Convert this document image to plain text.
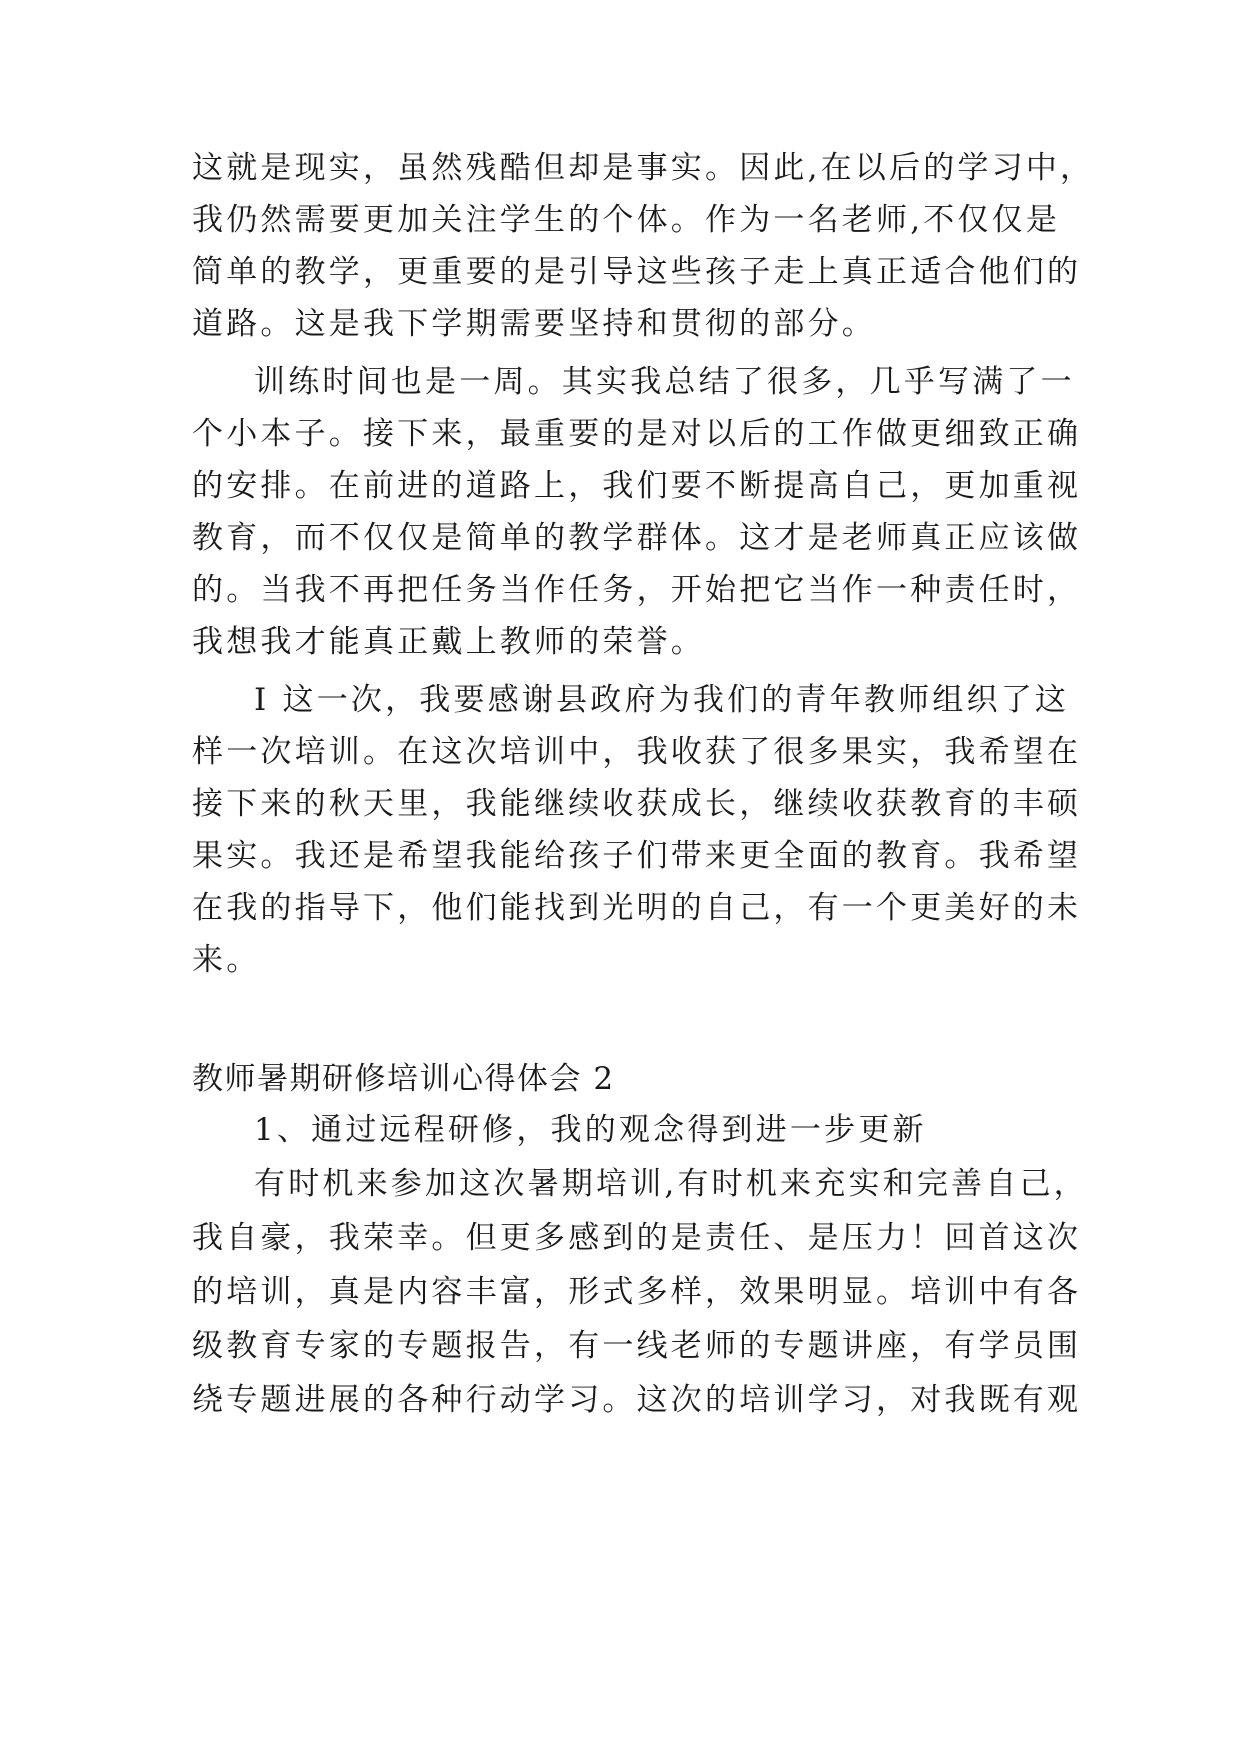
这就是现实，虽然残酷但却是事实。因此,在以后的学习中，
我仍然需要更加关注学生的个体。作为一名老师,不仅仅是
简单的教学，更重要的是引导这些孩子走上真正适合他们的
道路。这是我下学期需要坚持和贯彻的部分。
训练时间也是一周。其实我总结了很多，几乎写满了一
个小本子。接下来，最重要的是对以后的工作做更细致正确
的安排。在前进的道路上，我们要不断提高自己，更加重视
教育，而不仅仅是简单的教学群体。这才是老师真正应该做
的。当我不再把任务当作任务，开始把它当作一种责任时，
我想我才能真正戴上教师的荣誉。
I 这一次，我要感谢县政府为我们的青年教师组织了这
样一次培训。在这次培训中，我收获了很多果实，我希望在
接下来的秋天里，我能继续收获成长，继续收获教育的丰硕
果实。我还是希望我能给孩子们带来更全面的教育。我希望
在我的指导下，他们能找到光明的自己，有一个更美好的未
来。
教师暑期研修培训心得体会 2
1、通过远程研修，我的观念得到进一步更新
有时机来参加这次暑期培训,有时机来充实和完善自己，
我自豪，我荣幸。但更多感到的是责任、是压力！回首这次
的培训，真是内容丰富，形式多样，效果明显。培训中有各
级教育专家的专题报告，有一线老师的专题讲座，有学员围
绕专题进展的各种行动学习。这次的培训学习，对我既有观
